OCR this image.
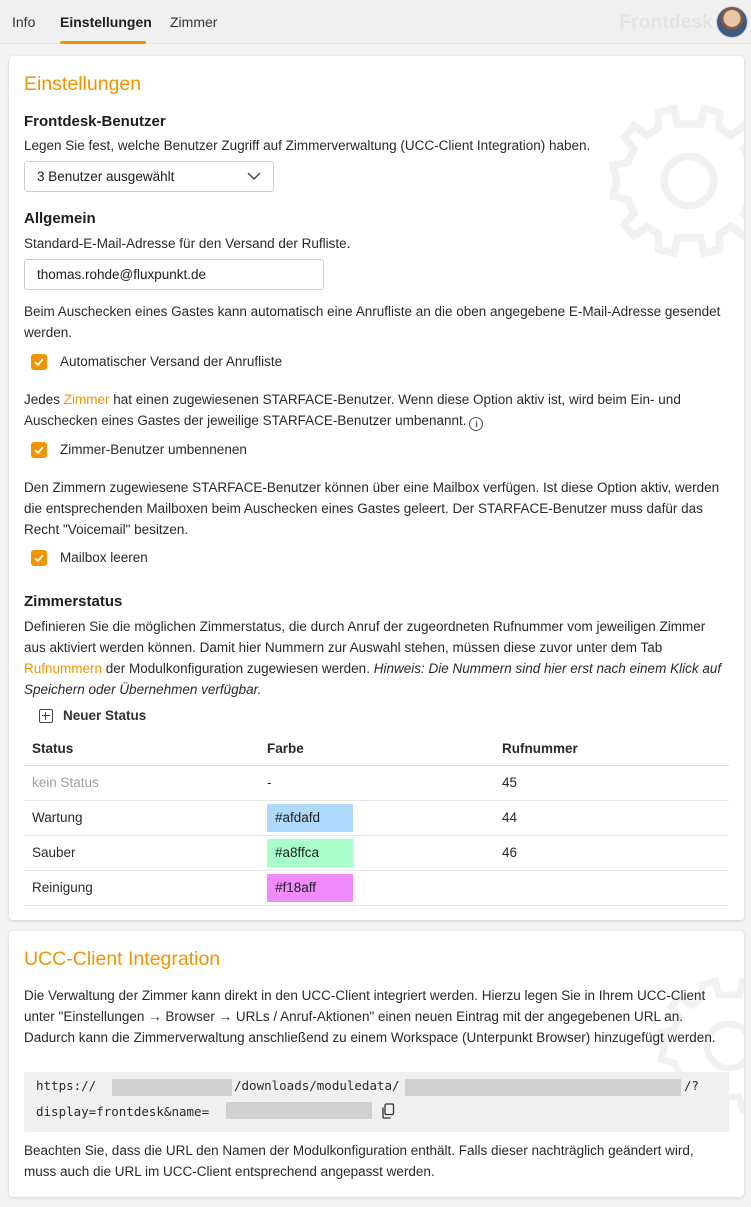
Info Einstellungen Zimmer	Frontdesk
Einstellungen
Frontdesk-Benutzer
Legen Sie fest, welche Benutzer Zugriff auf Zimmerverwaltung (UCC-Client Integration) haben.
3 Benutzer ausgewählt
Allgemein
Standard-E-Mail-Adresse für den Versand der Rufliste.
thomas.rohde@fluxpunkt.de
Beim Auschecken eines Gastes kann automatisch eine Anrufliste an die oben angegebene E-Mail-Adresse gesendet werden.
Automatischer Versand der Anrufliste
Jedes Zimmer hat einen zugewiesenen STARFACE-Benutzer. Wenn diese Option aktiv ist, wird beim Ein- und Auschecken eines Gastes der jeweilige STARFACE-Benutzer umbenannt. i
Zimmer-Benutzer umbennenen
Den Zimmern zugewiesene STARFACE-Benutzer können über eine Mailbox verfügen. Ist diese Option aktiv, werden die entsprechenden Mailboxen beim Auschecken eines Gastes geleert. Der STARFACE-Benutzer muss dafür das Recht "Voicemail" besitzen.
Mailbox leeren
Zimmerstatus
Definieren Sie die möglichen Zimmerstatus, die durch Anruf der zugeordneten Rufnummer vom jeweiligen Zimmer aus aktiviert werden können. Damit hier Nummern zur Auswahl stehen, müssen diese zuvor unter dem Tab Rufnummern der Modulkonfiguration zugewiesen werden. Hinweis: Die Nummern sind hier erst nach einem Klick auf Speichern oder Übernehmen verfügbar.
Neuer Status
Status	Farbe	Rufnummer
kein Status	-	45
Wartung	#afdafd	44
Sauber	#a8ffca	46
Reinigung	#f18aff	
UCC-Client Integration
Die Verwaltung der Zimmer kann direkt in den UCC-Client integriert werden. Hierzu legen Sie in Ihrem UCC-Client unter "Einstellungen → Browser → URLs / Anruf-Aktionen" einen neuen Eintrag mit der angegebenen URL an. Dadurch kann die Zimmerverwaltung anschließend zu einem Workspace (Unterpunkt Browser) hinzugefügt werden.
https://	/downloads/moduledata/	/?
display=frontdesk&name=
Beachten Sie, dass die URL den Namen der Modulkonfiguration enthält. Falls dieser nachträglich geändert wird, muss auch die URL im UCC-Client entsprechend angepasst werden.
